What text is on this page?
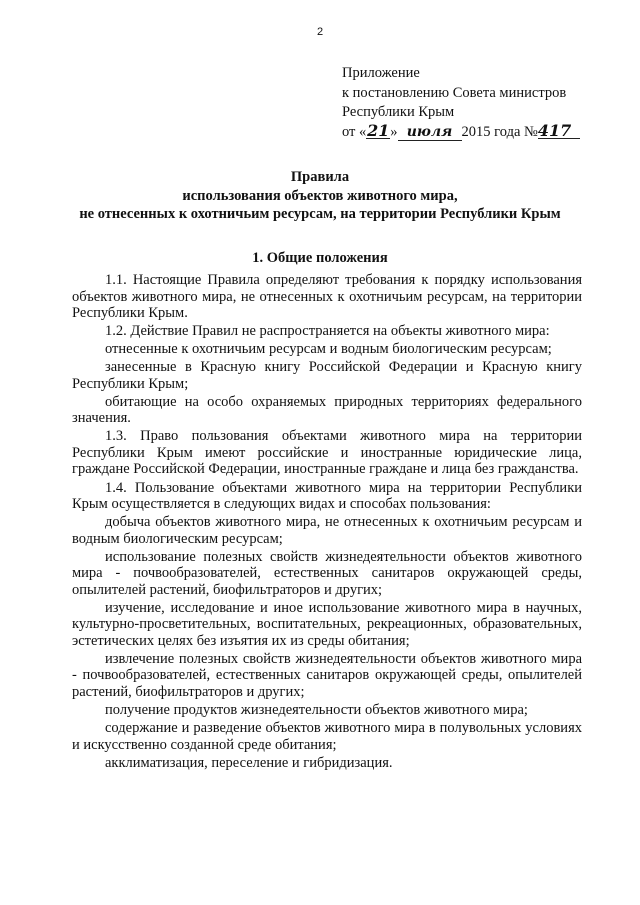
2
Приложение
к постановлению Совета министров
Республики Крым
от «21» июля 2015 года №417
Правила
использования объектов животного мира,
не отнесенных к охотничьим ресурсам, на территории Республики Крым
1. Общие положения

1.1. Настоящие Правила определяют требования к порядку использования объектов животного мира, не отнесенных к охотничьим ресурсам, на территории Республики Крым.

1.2. Действие Правил не распространяется на объекты животного мира:

отнесенные к охотничьим ресурсам и водным биологическим ресурсам;

занесенные в Красную книгу Российской Федерации и Красную книгу Республики Крым;

обитающие на особо охраняемых природных территориях федерального значения.

1.3. Право пользования объектами животного мира на территории Республики Крым имеют российские и иностранные юридические лица, граждане Российской Федерации, иностранные граждане и лица без гражданства.

1.4. Пользование объектами животного мира на территории Республики Крым осуществляется в следующих видах и способах пользования:

добыча объектов животного мира, не отнесенных к охотничьим ресурсам и водным биологическим ресурсам;

использование полезных свойств жизнедеятельности объектов животного мира - почвообразователей, естественных санитаров окружающей среды, опылителей растений, биофильтраторов и других;

изучение, исследование и иное использование животного мира в научных, культурно-просветительных, воспитательных, рекреационных, образовательных, эстетических целях без изъятия их из среды обитания;

извлечение полезных свойств жизнедеятельности объектов животного мира - почвообразователей, естественных санитаров окружающей среды, опылителей растений, биофильтраторов и других;

получение продуктов жизнедеятельности объектов животного мира;

содержание и разведение объектов животного мира в полувольных условиях и искусственно созданной среде обитания;

акклиматизация, переселение и гибридизация.
